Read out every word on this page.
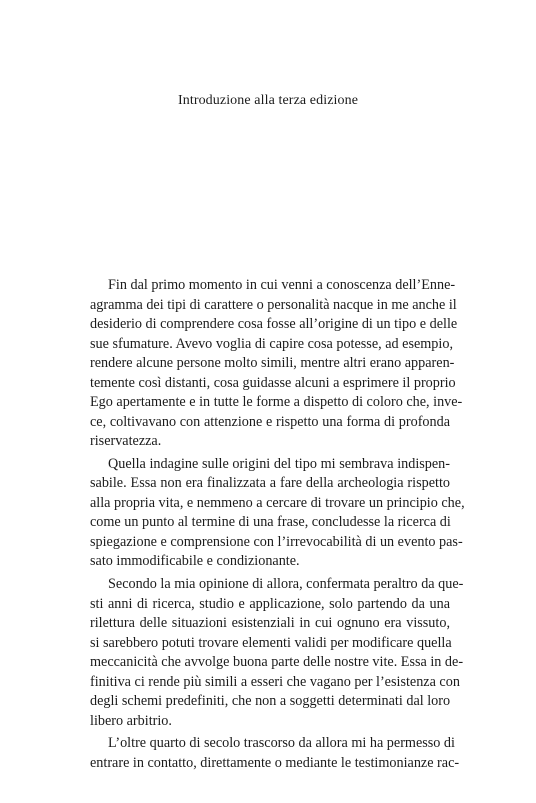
Introduzione alla terza edizione
Fin dal primo momento in cui venni a conoscenza dell’Enne-
agramma dei tipi di carattere o personalità nacque in me anche il
desiderio di comprendere cosa fosse all’origine di un tipo e delle
sue sfumature. Avevo voglia di capire cosa potesse, ad esempio,
rendere alcune persone molto simili, mentre altri erano apparen-
temente così distanti, cosa guidasse alcuni a esprimere il proprio
Ego apertamente e in tutte le forme a dispetto di coloro che, inve-
ce, coltivavano con attenzione e rispetto una forma di profonda
riservatezza.
Quella indagine sulle origini del tipo mi sembrava indispen-
sabile. Essa non era finalizzata a fare della archeologia rispetto
alla propria vita, e nemmeno a cercare di trovare un principio che,
come un punto al termine di una frase, concludesse la ricerca di
spiegazione e comprensione con l’irrevocabilità di un evento pas-
sato immodificabile e condizionante.
Secondo la mia opinione di allora, confermata peraltro da que-
sti anni di ricerca, studio e applicazione, solo partendo da una
rilettura delle situazioni esistenziali in cui ognuno era vissuto,
si sarebbero potuti trovare elementi validi per modificare quella
meccanicità che avvolge buona parte delle nostre vite. Essa in de-
finitiva ci rende più simili a esseri che vagano per l’esistenza con
degli schemi predefiniti, che non a soggetti determinati dal loro
libero arbitrio.
L’oltre quarto di secolo trascorso da allora mi ha permesso di
entrare in contatto, direttamente o mediante le testimonianze rac-
